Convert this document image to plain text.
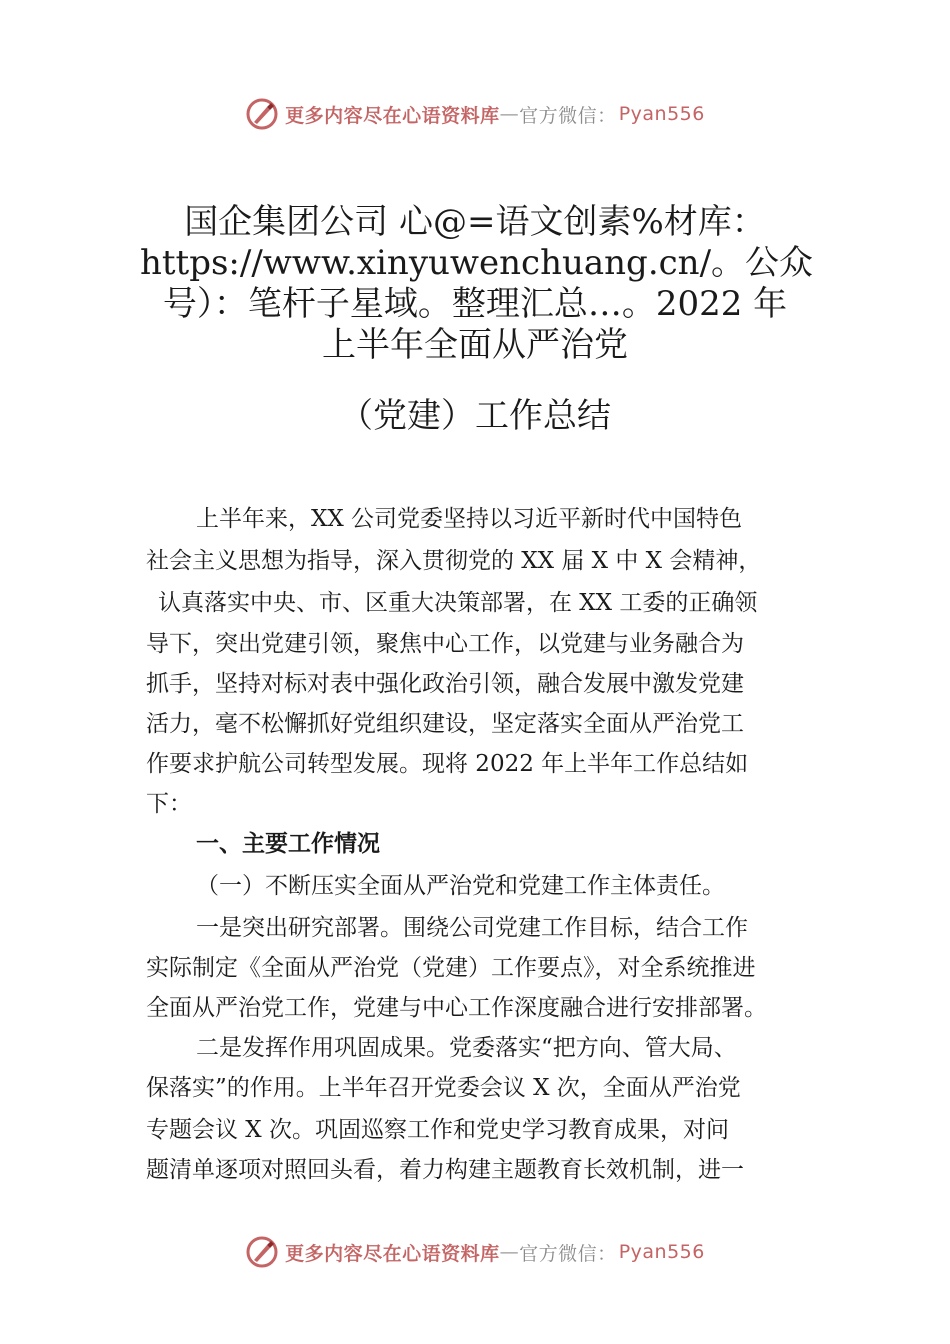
更多内容尽在心语资料库 — 官方微信： Pyan556
国企集团公司 心@=语文创素%材库：
https://www.xinyuwenchuang.cn/。公众
号）：笔杆子星域。整理汇总…。2022 年
上半年全面从严治党
（党建）工作总结
上半年来，XX 公司党委坚持以习近平新时代中国特色
社会主义思想为指导，深入贯彻党的 XX 届 X 中 X 会精神，
认真落实中央、市、区重大决策部署，在 XX 工委的正确领
导下，突出党建引领，聚焦中心工作，以党建与业务融合为
抓手，坚持对标对表中强化政治引领，融合发展中激发党建
活力，毫不松懈抓好党组织建设，坚定落实全面从严治党工
作要求护航公司转型发展。现将 2022 年上半年工作总结如
下：
一、主要工作情况
（一）不断压实全面从严治党和党建工作主体责任。
一是突出研究部署。围绕公司党建工作目标，结合工作
实际制定《全面从严治党（党建）工作要点》，对全系统推进
全面从严治党工作，党建与中心工作深度融合进行安排部署。
二是发挥作用巩固成果。党委落实“把方向、管大局、
保落实”的作用。上半年召开党委会议 X 次，全面从严治党
专题会议 X 次。巩固巡察工作和党史学习教育成果，对问
题清单逐项对照回头看，着力构建主题教育长效机制，进一
更多内容尽在心语资料库 — 官方微信： Pyan556
